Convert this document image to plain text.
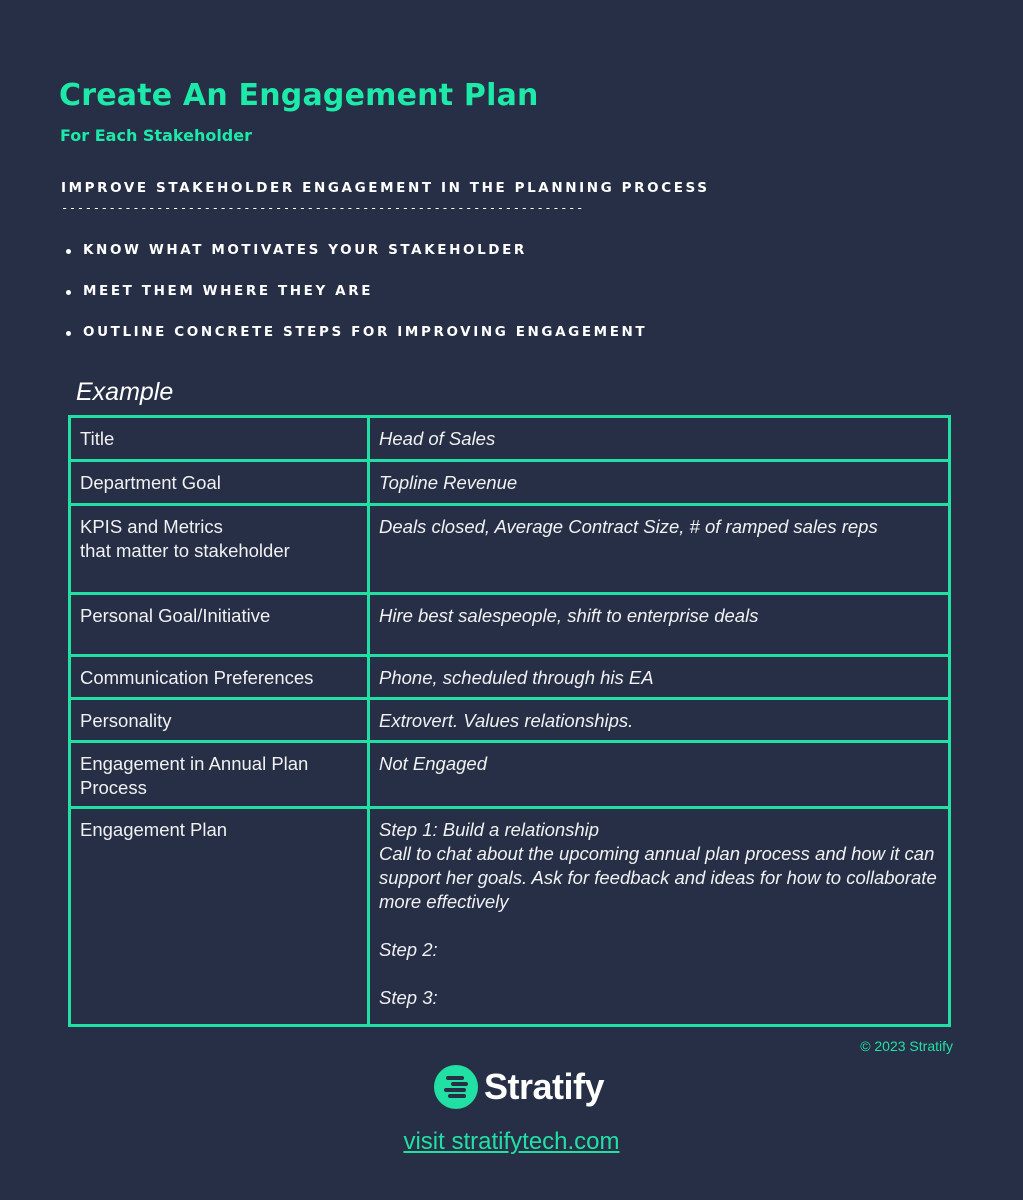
Create An Engagement Plan

For Each Stakeholder

IMPROVE STAKEHOLDER ENGAGEMENT IN THE PLANNING PROCESS

------------------------------------------------------------------
KNOW WHAT MOTIVATES YOUR STAKEHOLDER
MEET THEM WHERE THEY ARE
OUTLINE CONCRETE STEPS FOR IMPROVING ENGAGEMENT

Example

Title	Head of Sales
Department Goal	Topline Revenue
KPIS and Metrics
that matter to stakeholder	Deals closed, Average Contract Size, # of ramped sales reps
Personal Goal/Initiative	Hire best salespeople, shift to enterprise deals
Communication Preferences	Phone, scheduled through his EA
Personality	Extrovert. Values relationships.
Engagement in Annual Plan Process	Not Engaged
Engagement Plan	Step 1: Build a relationship
Call to chat about the upcoming annual plan process and how it can support her goals. Ask for feedback and ideas for how to collaborate more effectively

Step 2:

Step 3:

© 2023 Stratify

Stratify
visit stratifytech.com
